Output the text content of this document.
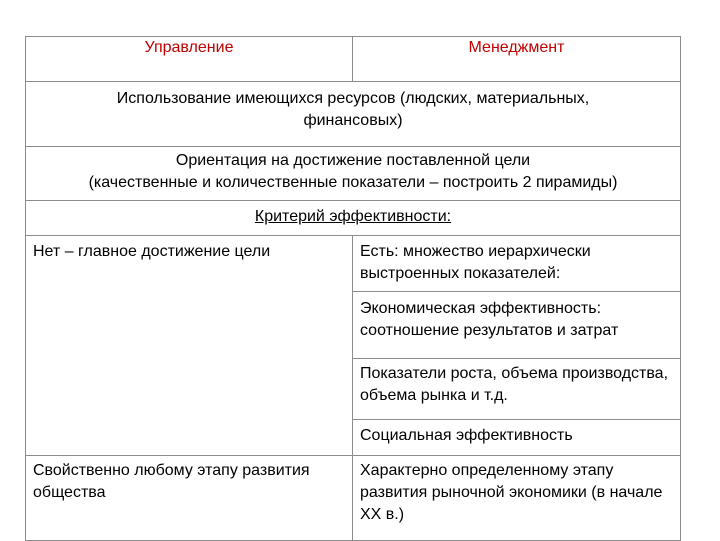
Управление	Менеджмент

Использование имеющихся ресурсов (людских, материальных,
финансовых)	

Ориентация на достижение поставленной цели
(качественные и количественные показатели – построить 2 пирамиды)	

Критерий эффективности:	

Нет – главное достижение цели	Есть: множество иерархически выстроенных показателей:

	Экономическая эффективность: соотношение результатов и затрат

	Показатели роста, объема производства, объема рынка и т.д.

	Социальная эффективность

Свойственно любому этапу развития общества	Характерно определенному этапу развития рыночной экономики (в начале XX в.)
